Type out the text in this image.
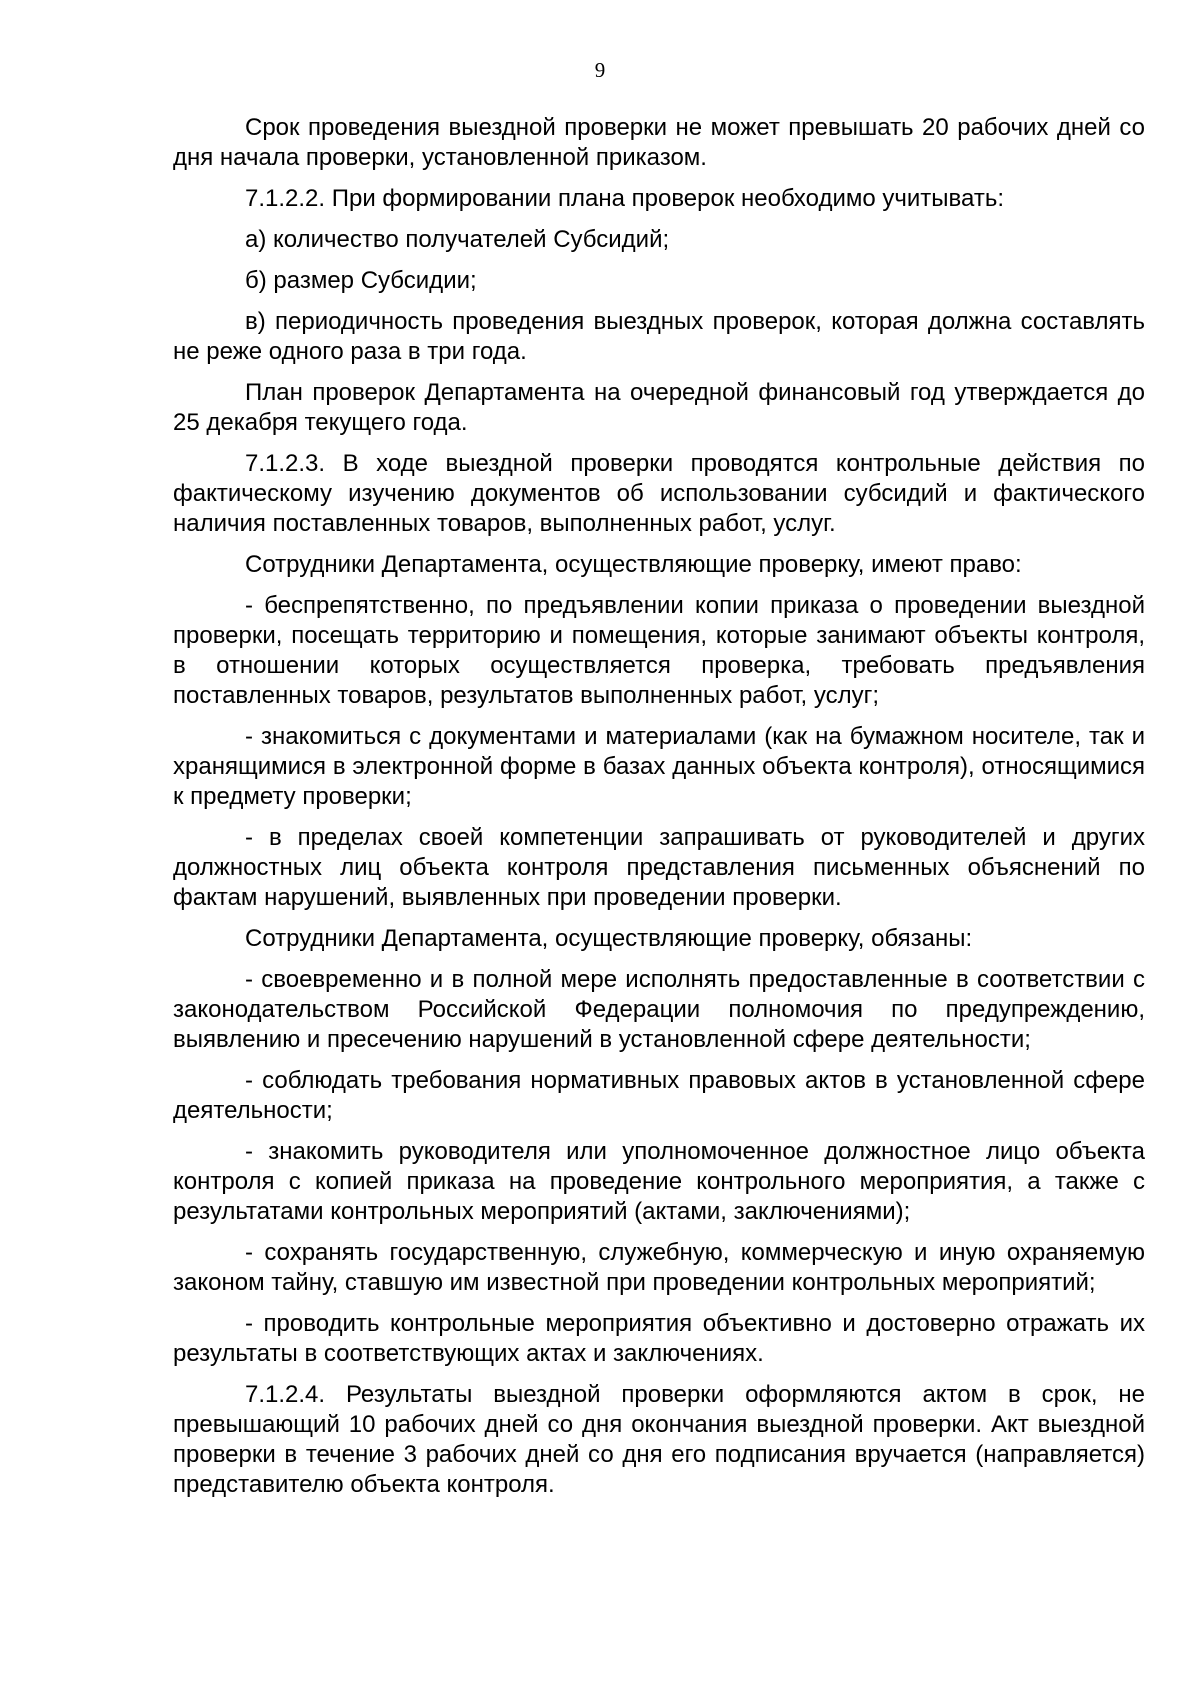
9

Срок проведения выездной проверки не может превышать 20 рабочих дней со дня начала проверки, установленной приказом.

7.1.2.2. При формировании плана проверок необходимо учитывать:

а) количество получателей Субсидий;

б) размер Субсидии;

в) периодичность проведения выездных проверок, которая должна составлять не реже одного раза в три года.

План проверок Департамента на очередной финансовый год утверждается до 25 декабря текущего года.

7.1.2.3. В ходе выездной проверки проводятся контрольные действия по фактическому изучению документов об использовании субсидий и фактического наличия поставленных товаров, выполненных работ, услуг.

Сотрудники Департамента, осуществляющие проверку, имеют право:

- беспрепятственно, по предъявлении копии приказа о проведении выездной проверки, посещать территорию и помещения, которые занимают объекты контроля, в отношении которых осуществляется проверка, требовать предъявления поставленных товаров, результатов выполненных работ, услуг;

- знакомиться с документами и материалами (как на бумажном носителе, так и хранящимися в электронной форме в базах данных объекта контроля), относящимися к предмету проверки;

- в пределах своей компетенции запрашивать от руководителей и других должностных лиц объекта контроля представления письменных объяснений по фактам нарушений, выявленных при проведении проверки.

Сотрудники Департамента, осуществляющие проверку, обязаны:

- своевременно и в полной мере исполнять предоставленные в соответствии с законодательством Российской Федерации полномочия по предупреждению, выявлению и пресечению нарушений в установленной сфере деятельности;

- соблюдать требования нормативных правовых актов в установленной сфере деятельности;

- знакомить руководителя или уполномоченное должностное лицо объекта контроля с копией приказа на проведение контрольного мероприятия, а также с результатами контрольных мероприятий (актами, заключениями);

- сохранять государственную, служебную, коммерческую и иную охраняемую законом тайну, ставшую им известной при проведении контрольных мероприятий;

- проводить контрольные мероприятия объективно и достоверно отражать их результаты в соответствующих актах и заключениях.

7.1.2.4. Результаты выездной проверки оформляются актом в срок, не превышающий 10 рабочих дней со дня окончания выездной проверки. Акт выездной проверки в течение 3 рабочих дней со дня его подписания вручается (направляется) представителю объекта контроля.
